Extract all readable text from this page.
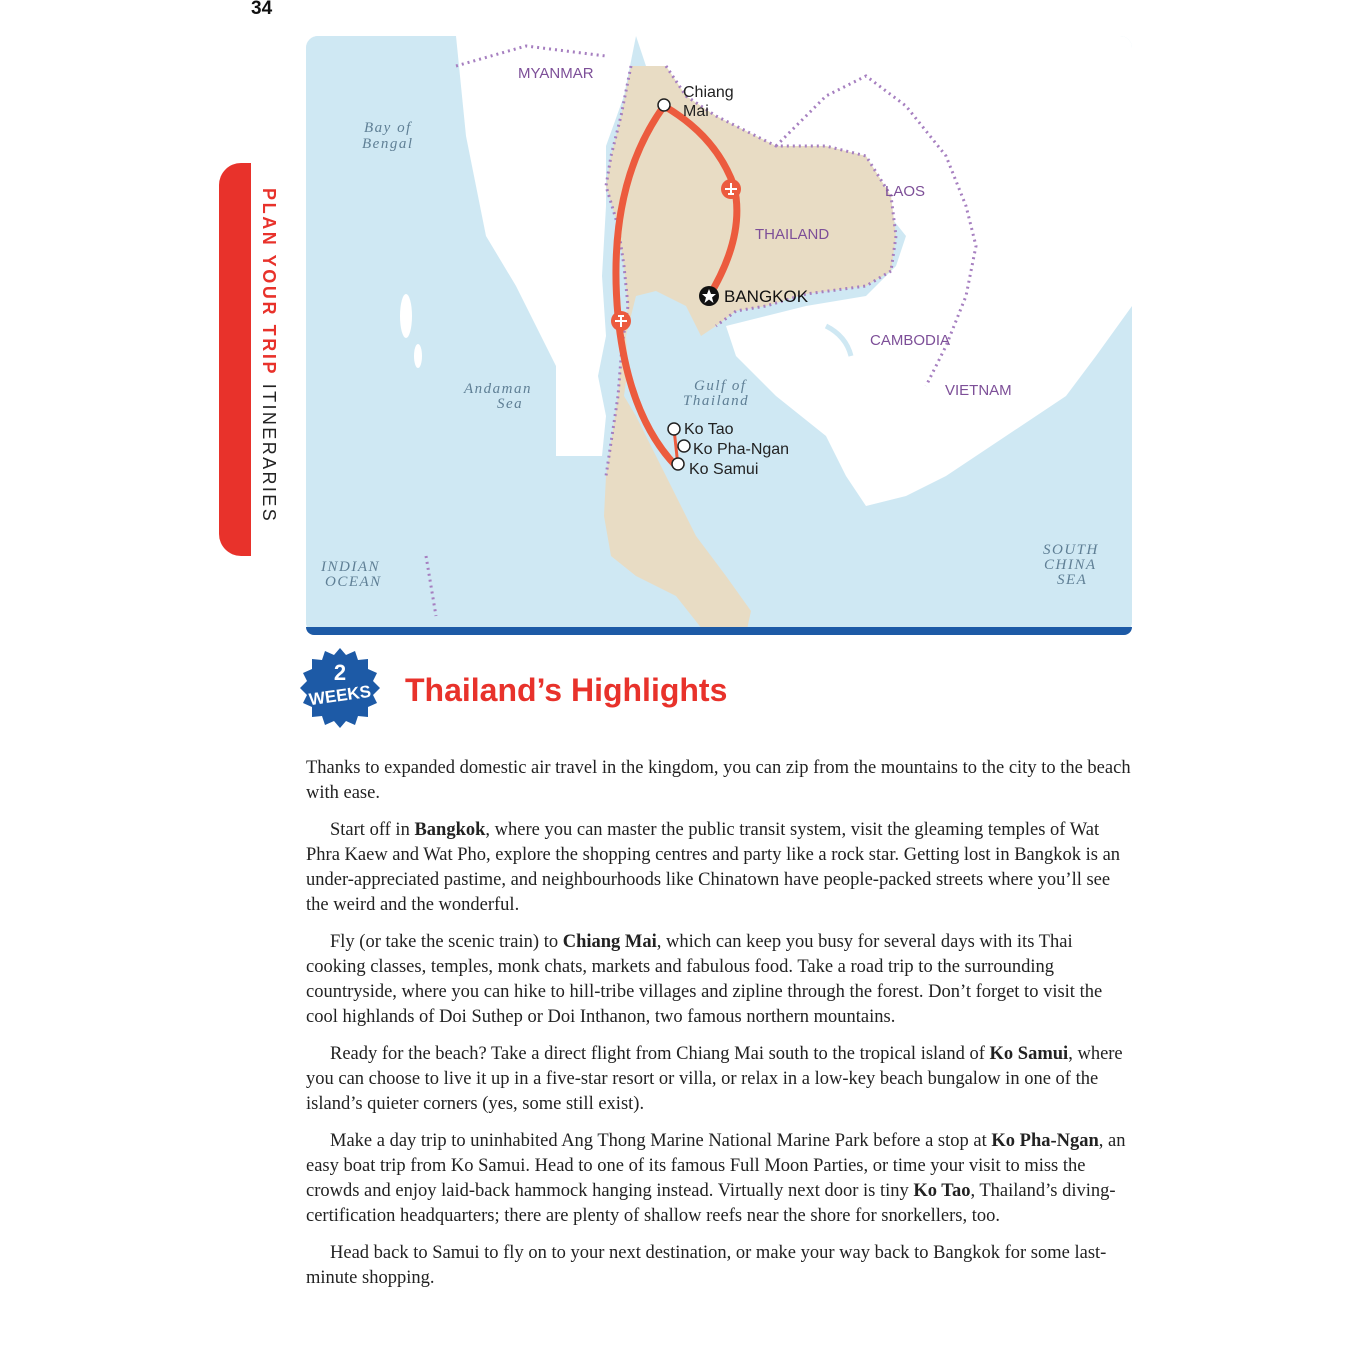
34
PLAN YOUR TRIP ITINERARIES
MYANMAR
LAOS
THAILAND
CAMBODIA
VIETNAM
Bay of
Bengal
Andaman
Sea
Gulf of
Thailand
INDIAN
OCEAN
SOUTH
CHINA
SEA
Chiang
Mai
BANGKOK
Ko Tao
Ko Pha-Ngan
Ko Samui
2
WEEKS	Thailand’s Highlights

Thanks to expanded domestic air travel in the kingdom, you can zip from the mountains to the city to the beach with ease.

Start off in Bangkok, where you can master the public transit system, visit the gleaming temples of Wat Phra Kaew and Wat Pho, explore the shopping centres and party like a rock star. Getting lost in Bangkok is an under-appreciated pastime, and neighbourhoods like Chinatown have people-packed streets where you’ll see the weird and the wonderful.

Fly (or take the scenic train) to Chiang Mai, which can keep you busy for several days with its Thai cooking classes, temples, monk chats, markets and fabulous food. Take a road trip to the surrounding countryside, where you can hike to hill-tribe villages and zipline through the forest. Don’t forget to visit the cool highlands of Doi Suthep or Doi Inthanon, two famous northern mountains.

Ready for the beach? Take a direct flight from Chiang Mai south to the tropical island of Ko Samui, where you can choose to live it up in a five-star resort or villa, or relax in a low-key beach bungalow in one of the island’s quieter corners (yes, some still exist).

Make a day trip to uninhabited Ang Thong Marine National Marine Park before a stop at Ko Pha-Ngan, an easy boat trip from Ko Samui. Head to one of its famous Full Moon Parties, or time your visit to miss the crowds and enjoy laid-back hammock hanging instead. Virtually next door is tiny Ko Tao, Thailand’s diving-certification headquarters; there are plenty of shallow reefs near the shore for snorkellers, too.

Head back to Samui to fly on to your next destination, or make your way back to Bangkok for some last-minute shopping.
